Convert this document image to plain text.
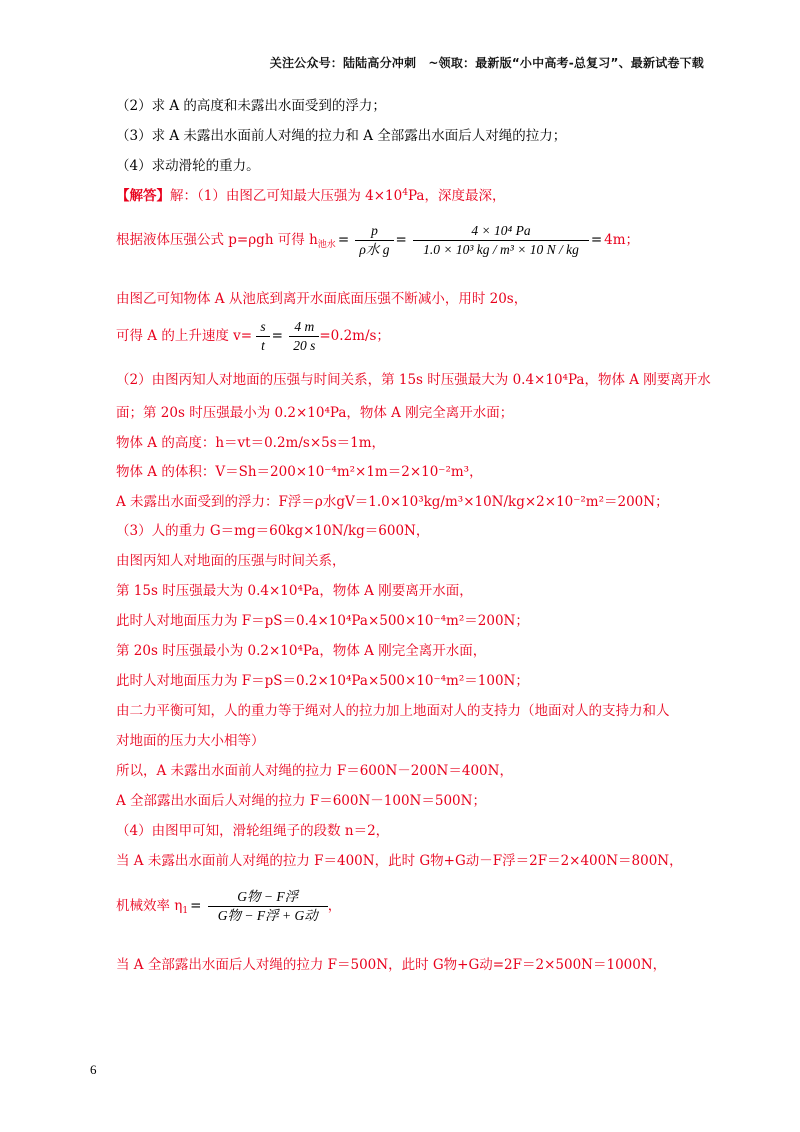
关注公众号：陆陆高分冲刺　~领取：最新版“小中高考-总复习”、最新试卷下载
（2）求 A 的高度和未露出水面受到的浮力；
（3）求 A 未露出水面前人对绳的拉力和 A 全部露出水面后人对绳的拉力；
（4）求动滑轮的重力。
【解答】解：（1）由图乙可知最大压强为 $4\times 10^4Pa$，深度最深，
根据液体压强公式 p=ρgh 可得 $h_{池水} = \frac{p}{\text{ρ水 g}} = \frac{\text{4 × 10⁴ Pa}}{\text{1.0 × 10³ kg / m³ × 10 N / kg}} = 4m$；
由图乙可知物体 A 从池底到离开水面底面压强不断减小，用时 20s，
可得 A 的上升速度 $v= \frac{s}{t} = \frac{4 m}{20 s} =0.2m/s$；
（2）由图丙知人对地面的压强与时间关系，第 15s 时压强最大为 0.4×10⁴Pa，物体 A 刚要离开水
面；第 20s 时压强最小为 0.2×10⁴Pa，物体 A 刚完全离开水面；
物体 A 的高度：h＝vt＝0.2m/s×5s＝1m，
物体 A 的体积：V＝Sh＝200×10⁻⁴m²×1m＝2×10⁻²m³，
A 未露出水面受到的浮力：F浮＝ρ水gV＝1.0×10³kg/m³×10N/kg×2×10⁻²m²＝200N；
（3）人的重力 G＝mg＝60kg×10N/kg＝600N，
由图丙知人对地面的压强与时间关系，
第 15s 时压强最大为 0.4×10⁴Pa，物体 A 刚要离开水面，
此时人对地面压力为 F＝pS＝0.4×10⁴Pa×500×10⁻⁴m²＝200N；
第 20s 时压强最小为 0.2×10⁴Pa，物体 A 刚完全离开水面，
此时人对地面压力为 F＝pS＝0.2×10⁴Pa×500×10⁻⁴m²＝100N；
由二力平衡可知，人的重力等于绳对人的拉力加上地面对人的支持力（地面对人的支持力和人
对地面的压力大小相等）
所以，A 未露出水面前人对绳的拉力 F＝600N－200N＝400N，
A 全部露出水面后人对绳的拉力 F＝600N－100N＝500N；
（4）由图甲可知，滑轮组绳子的段数 n＝2，
当 A 未露出水面前人对绳的拉力 F＝400N，此时 G物+G动－F浮＝2F＝2×400N＝800N，
机械效率 $\eta_1 = \frac{\text{G物 − F浮}}{\text{G物 − F浮 + G动}}$ ，
当 A 全部露出水面后人对绳的拉力 F＝500N，此时 G物+G动=2F＝2×500N＝1000N，
6
